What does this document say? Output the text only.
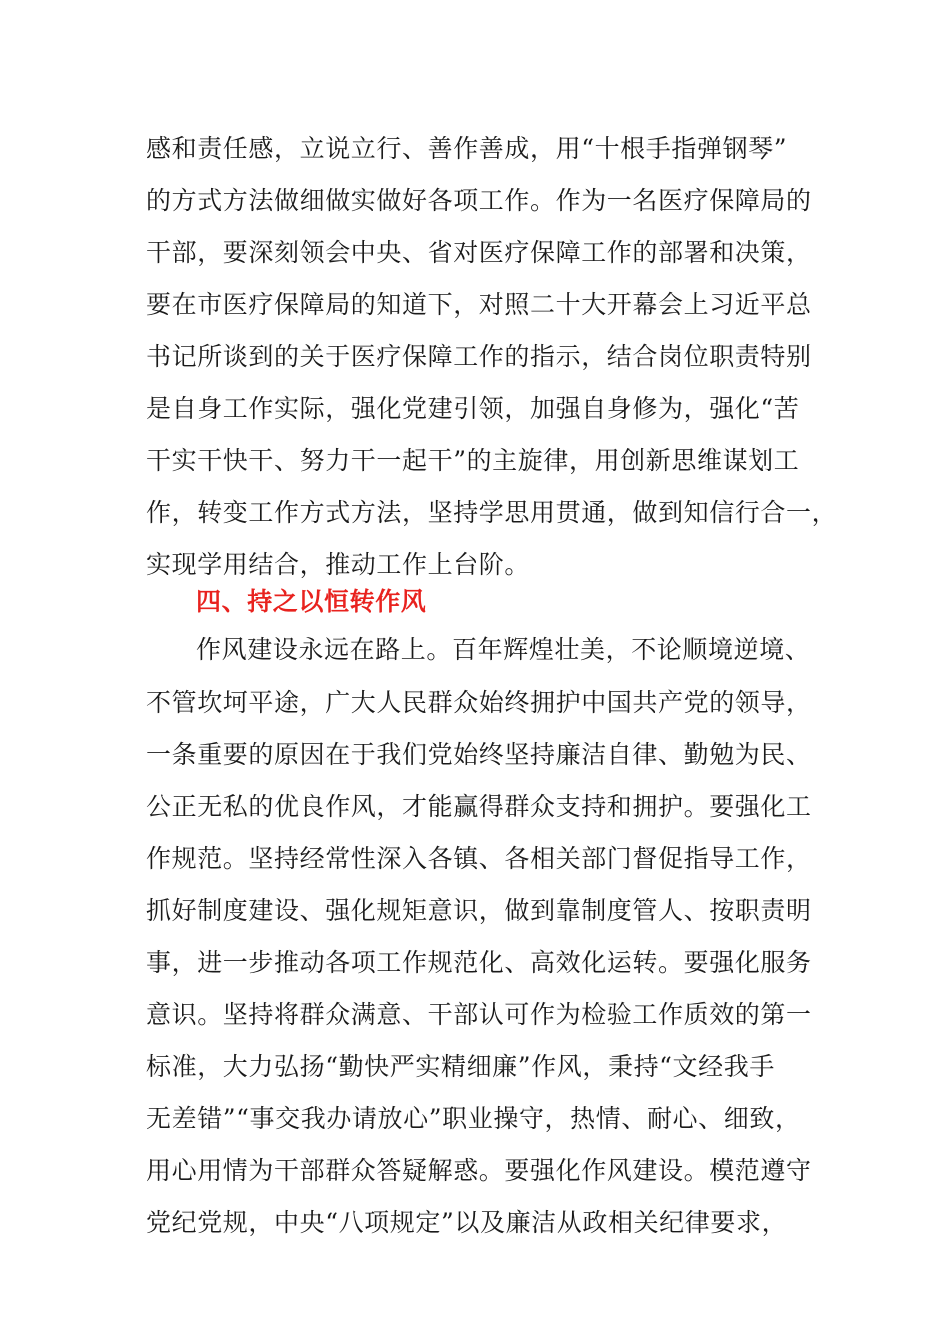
感和责任感，立说立行、善作善成，用“十根手指弹钢琴”
的方式方法做细做实做好各项工作。作为一名医疗保障局的
干部，要深刻领会中央、省对医疗保障工作的部署和决策，
要在市医疗保障局的知道下，对照二十大开幕会上习近平总
书记所谈到的关于医疗保障工作的指示，结合岗位职责特别
是自身工作实际，强化党建引领，加强自身修为，强化“苦
干实干快干、努力干一起干”的主旋律，用创新思维谋划工
作，转变工作方式方法，坚持学思用贯通，做到知信行合一，
实现学用结合，推动工作上台阶。
四、持之以恒转作风
作风建设永远在路上。百年辉煌壮美，不论顺境逆境、
不管坎坷平途，广大人民群众始终拥护中国共产党的领导，
一条重要的原因在于我们党始终坚持廉洁自律、勤勉为民、
公正无私的优良作风，才能赢得群众支持和拥护。要强化工
作规范。坚持经常性深入各镇、各相关部门督促指导工作，
抓好制度建设、强化规矩意识，做到靠制度管人、按职责明
事，进一步推动各项工作规范化、高效化运转。要强化服务
意识。坚持将群众满意、干部认可作为检验工作质效的第一
标准，大力弘扬“勤快严实精细廉”作风，秉持“文经我手
无差错”“事交我办请放心”职业操守，热情、耐心、细致，
用心用情为干部群众答疑解惑。要强化作风建设。模范遵守
党纪党规，中央“八项规定”以及廉洁从政相关纪律要求，
